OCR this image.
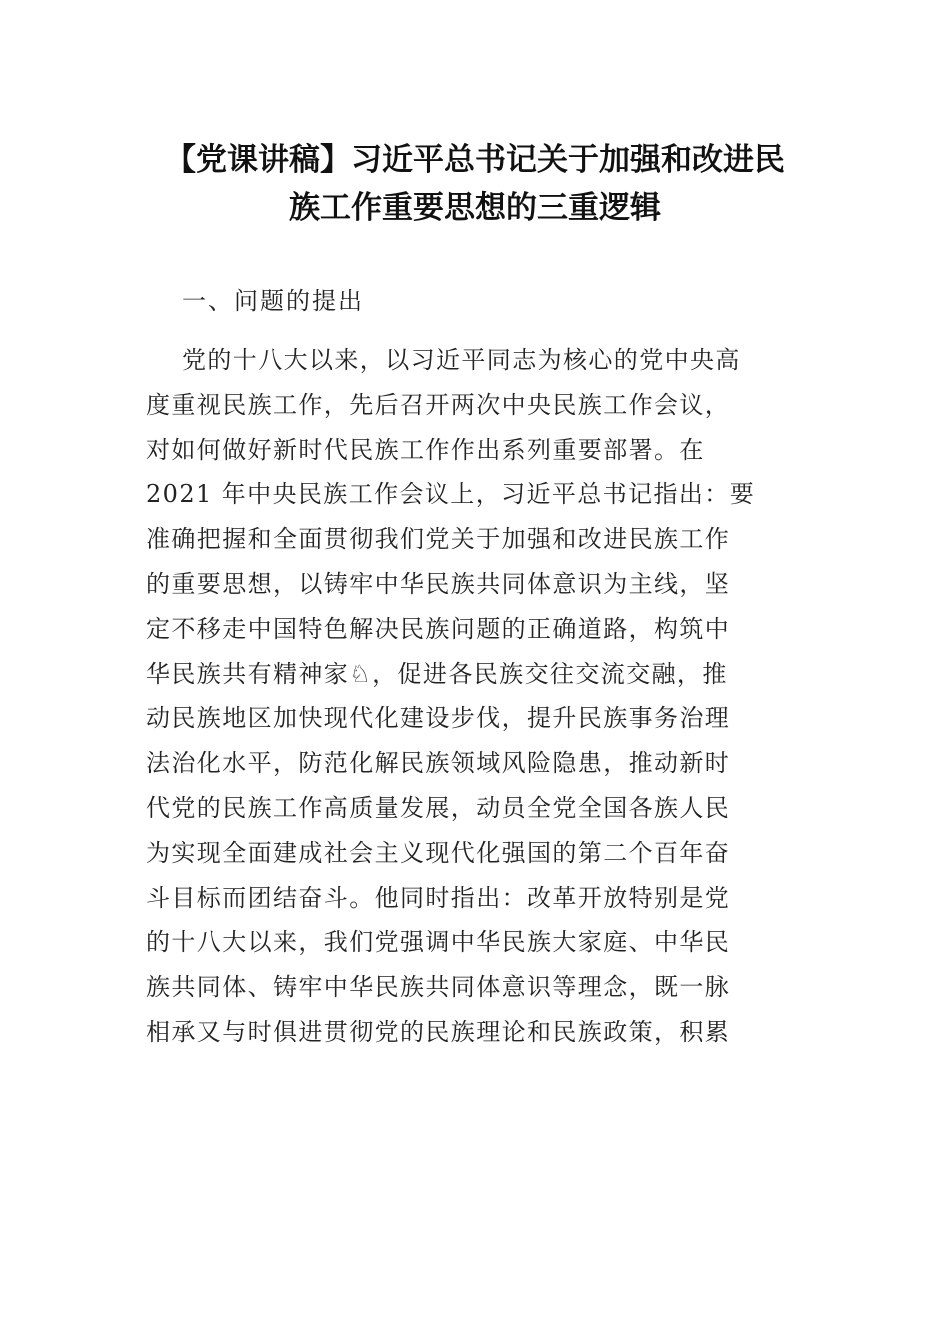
【党课讲稿】习近平总书记关于加强和改进民
族工作重要思想的三重逻辑
一、问题的提出
党的十八大以来，以习近平同志为核心的党中央高
度重视民族工作，先后召开两次中央民族工作会议，
对如何做好新时代民族工作作出系列重要部署。在
2021 年中央民族工作会议上，习近平总书记指出：要
准确把握和全面贯彻我们党关于加强和改进民族工作
的重要思想，以铸牢中华民族共同体意识为主线，坚
定不移走中国特色解决民族问题的正确道路，构筑中
华民族共有精神家♘，促进各民族交往交流交融，推
动民族地区加快现代化建设步伐，提升民族事务治理
法治化水平，防范化解民族领域风险隐患，推动新时
代党的民族工作高质量发展，动员全党全国各族人民
为实现全面建成社会主义现代化强国的第二个百年奋
斗目标而团结奋斗。他同时指出：改革开放特别是党
的十八大以来，我们党强调中华民族大家庭、中华民
族共同体、铸牢中华民族共同体意识等理念，既一脉
相承又与时俱进贯彻党的民族理论和民族政策，积累
